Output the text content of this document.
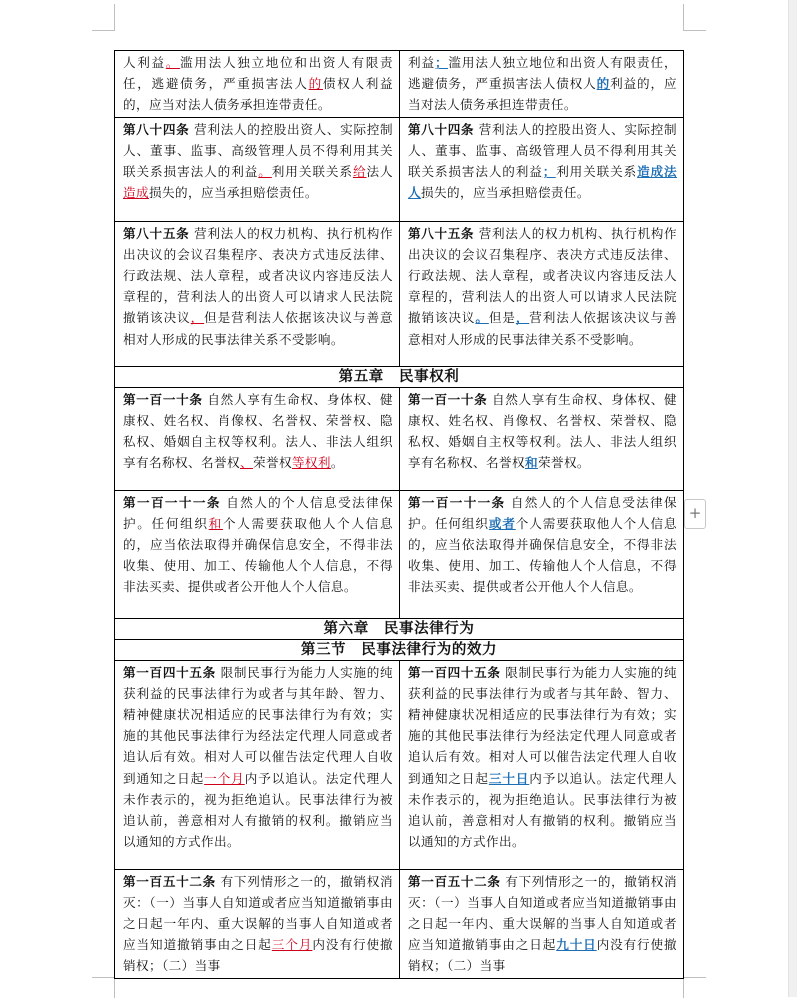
+
人利益。滥用法人独立地位和出资人有限责任，逃避债务，严重损害法人的债权人利益的，应当对法人债务承担连带责任。	利益；滥用法人独立地位和出资人有限责任，逃避债务，严重损害法人债权人的利益的，应当对法人债务承担连带责任。
第八十四条 营利法人的控股出资人、实际控制人、董事、监事、高级管理人员不得利用其关联关系损害法人的利益。利用关联关系给法人造成损失的，应当承担赔偿责任。	第八十四条 营利法人的控股出资人、实际控制人、董事、监事、高级管理人员不得利用其关联关系损害法人的利益；利用关联关系造成法人损失的，应当承担赔偿责任。
第八十五条 营利法人的权力机构、执行机构作出决议的会议召集程序、表决方式违反法律、行政法规、法人章程，或者决议内容违反法人章程的，营利法人的出资人可以请求人民法院撤销该决议，但是营利法人依据该决议与善意相对人形成的民事法律关系不受影响。	第八十五条 营利法人的权力机构、执行机构作出决议的会议召集程序、表决方式违反法律、行政法规、法人章程，或者决议内容违反法人章程的，营利法人的出资人可以请求人民法院撤销该决议。但是，营利法人依据该决议与善意相对人形成的民事法律关系不受影响。
第五章　民事权利	
第一百一十条 自然人享有生命权、身体权、健康权、姓名权、肖像权、名誉权、荣誉权、隐私权、婚姻自主权等权利。法人、非法人组织享有名称权、名誉权、荣誉权等权利。	第一百一十条 自然人享有生命权、身体权、健康权、姓名权、肖像权、名誉权、荣誉权、隐私权、婚姻自主权等权利。法人、非法人组织享有名称权、名誉权和荣誉权。
第一百一十一条 自然人的个人信息受法律保护。任何组织和个人需要获取他人个人信息的，应当依法取得并确保信息安全，不得非法收集、使用、加工、传输他人个人信息，不得非法买卖、提供或者公开他人个人信息。	第一百一十一条 自然人的个人信息受法律保护。任何组织或者个人需要获取他人个人信息的，应当依法取得并确保信息安全，不得非法收集、使用、加工、传输他人个人信息，不得非法买卖、提供或者公开他人个人信息。
第六章　民事法律行为	
第三节　民事法律行为的效力	
第一百四十五条 限制民事行为能力人实施的纯获利益的民事法律行为或者与其年龄、智力、精神健康状况相适应的民事法律行为有效；实施的其他民事法律行为经法定代理人同意或者追认后有效。相对人可以催告法定代理人自收到通知之日起一个月内予以追认。法定代理人未作表示的，视为拒绝追认。民事法律行为被追认前，善意相对人有撤销的权利。撤销应当以通知的方式作出。	第一百四十五条 限制民事行为能力人实施的纯获利益的民事法律行为或者与其年龄、智力、精神健康状况相适应的民事法律行为有效；实施的其他民事法律行为经法定代理人同意或者追认后有效。相对人可以催告法定代理人自收到通知之日起三十日内予以追认。法定代理人未作表示的，视为拒绝追认。民事法律行为被追认前，善意相对人有撤销的权利。撤销应当以通知的方式作出。
第一百五十二条 有下列情形之一的，撤销权消灭：（一）当事人自知道或者应当知道撤销事由之日起一年内、重大误解的当事人自知道或者应当知道撤销事由之日起三个月内没有行使撤销权；（二）当事	第一百五十二条 有下列情形之一的，撤销权消灭：（一）当事人自知道或者应当知道撤销事由之日起一年内、重大误解的当事人自知道或者应当知道撤销事由之日起九十日内没有行使撤销权；（二）当事
